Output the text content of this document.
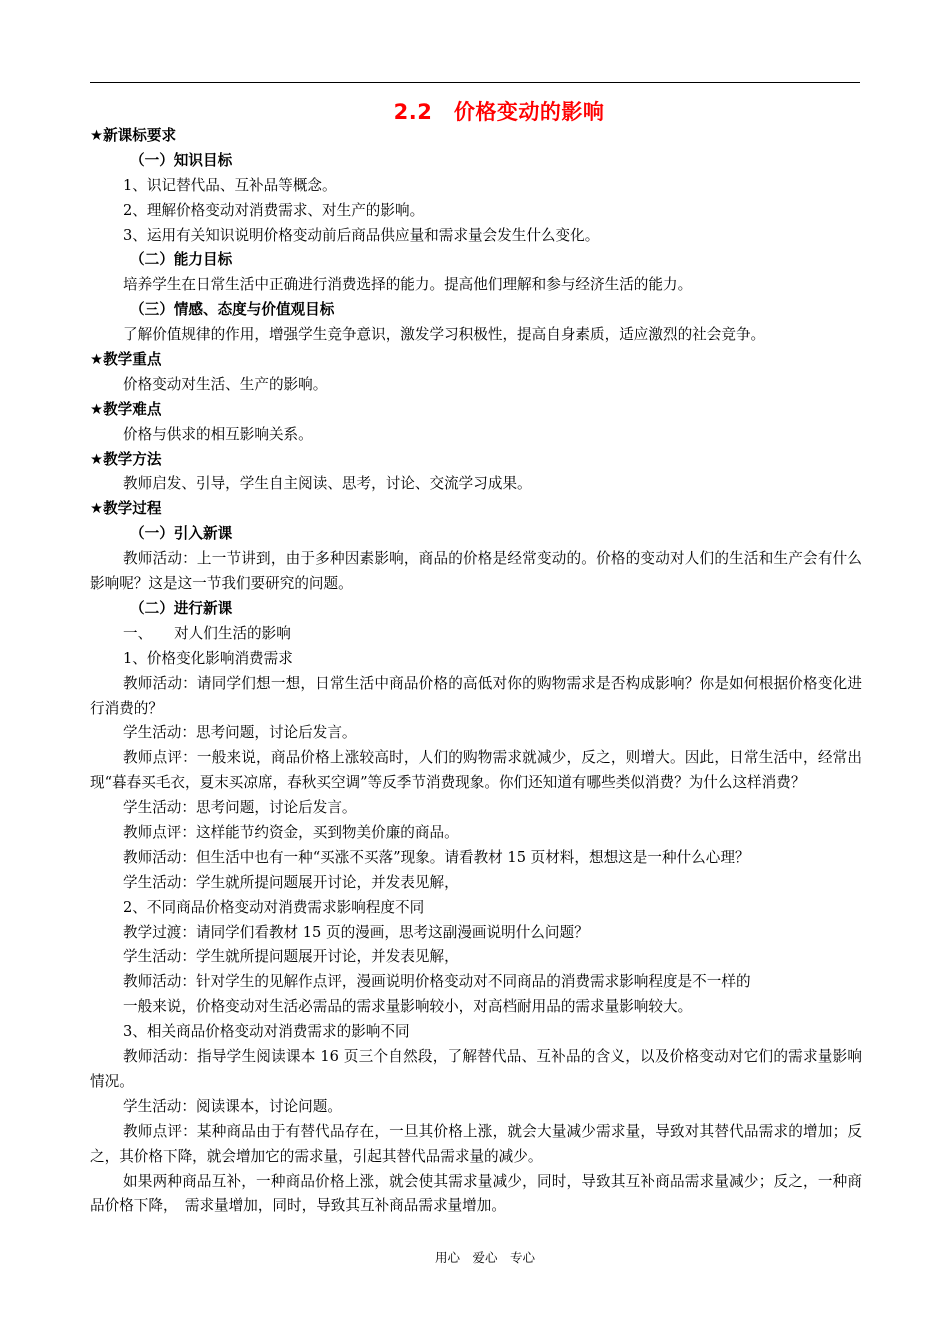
2.2　价格变动的影响
★新课标要求
（一）知识目标
1、识记替代品、互补品等概念。
2、理解价格变动对消费需求、对生产的影响。
3、运用有关知识说明价格变动前后商品供应量和需求量会发生什么变化。
（二）能力目标
培养学生在日常生活中正确进行消费选择的能力。提高他们理解和参与经济生活的能力。
（三）情感、态度与价值观目标
了解价值规律的作用，增强学生竞争意识，激发学习积极性，提高自身素质，适应激烈的社会竞争。
★教学重点
价格变动对生活、生产的影响。
★教学难点
价格与供求的相互影响关系。
★教学方法
教师启发、引导，学生自主阅读、思考，讨论、交流学习成果。
★教学过程
（一）引入新课
教师活动：上一节讲到，由于多种因素影响，商品的价格是经常变动的。价格的变动对人们的生活和生产会有什么影响呢？这是这一节我们要研究的问题。
（二）进行新课
一、　　对人们生活的影响
1、价格变化影响消费需求
教师活动：请同学们想一想，日常生活中商品价格的高低对你的购物需求是否构成影响？你是如何根据价格变化进行消费的？
学生活动：思考问题，讨论后发言。
教师点评：一般来说，商品价格上涨较高时，人们的购物需求就减少，反之，则增大。因此，日常生活中，经常出现“暮春买毛衣，夏末买凉席，春秋买空调”等反季节消费现象。你们还知道有哪些类似消费？为什么这样消费？
学生活动：思考问题，讨论后发言。
教师点评：这样能节约资金，买到物美价廉的商品。
教师活动：但生活中也有一种“买涨不买落”现象。请看教材 15 页材料，想想这是一种什么心理？
学生活动：学生就所提问题展开讨论，并发表见解，
2、不同商品价格变动对消费需求影响程度不同
教学过渡：请同学们看教材 15 页的漫画，思考这副漫画说明什么问题？
学生活动：学生就所提问题展开讨论，并发表见解，
教师活动：针对学生的见解作点评，漫画说明价格变动对不同商品的消费需求影响程度是不一样的
一般来说，价格变动对生活必需品的需求量影响较小，对高档耐用品的需求量影响较大。
3、相关商品价格变动对消费需求的影响不同
教师活动：指导学生阅读课本 16 页三个自然段，了解替代品、互补品的含义，以及价格变动对它们的需求量影响情况。
学生活动：阅读课本，讨论问题。
教师点评：某种商品由于有替代品存在，一旦其价格上涨，就会大量减少需求量，导致对其替代品需求的增加；反之，其价格下降，就会增加它的需求量，引起其替代品需求量的减少。
如果两种商品互补，一种商品价格上涨，就会使其需求量减少，同时，导致其互补商品需求量减少；反之，一种商品价格下降，　需求量增加，同时，导致其互补商品需求量增加。
用心　爱心　专心
